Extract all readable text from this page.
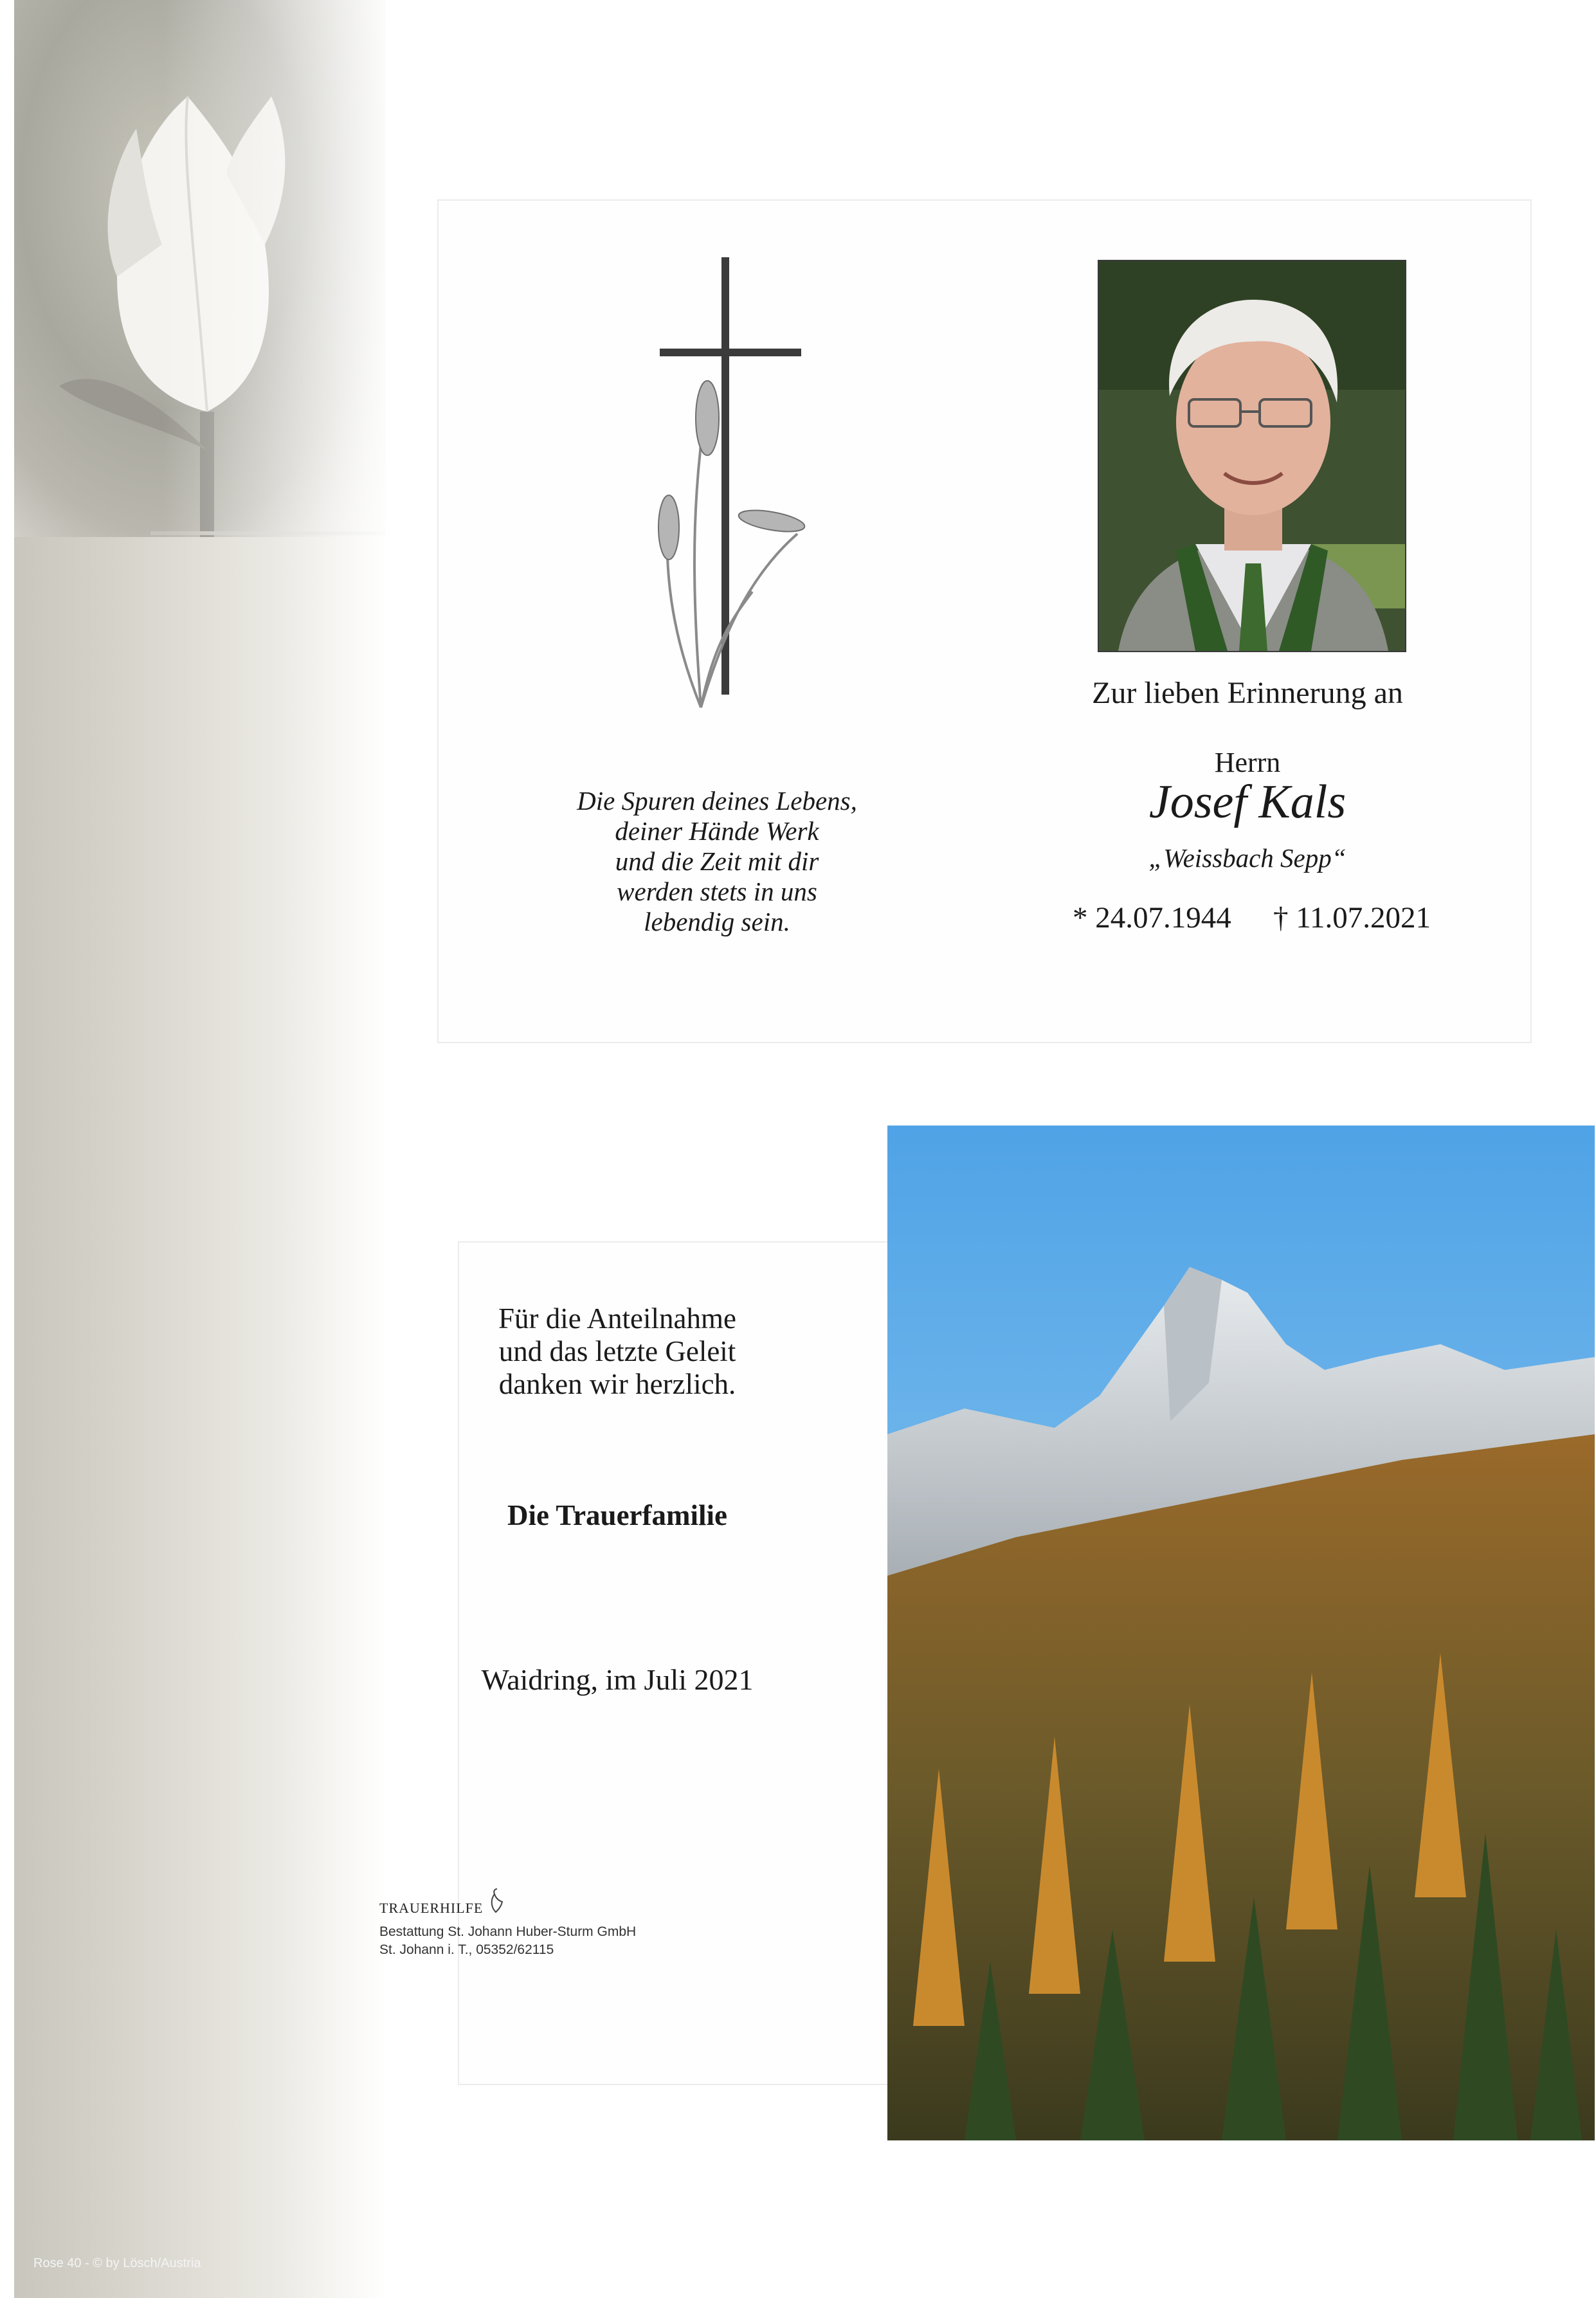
Die Spuren deines Lebens,
deiner Hände Werk
und die Zeit mit dir
werden stets in uns
lebendig sein.
Zur lieben Erinnerung an
Herrn
Josef Kals
„Weissbach Sepp“
* 24.07.1944 † 11.07.2021
Für die Anteilnahme
und das letzte Geleit
danken wir herzlich.
Die Trauerfamilie
Waidring, im Juli 2021
TRAUERHILFE
Bestattung St. Johann Huber-Sturm GmbH
St. Johann i. T., 05352/62115
Rose 40 - © by Lösch/Austria
